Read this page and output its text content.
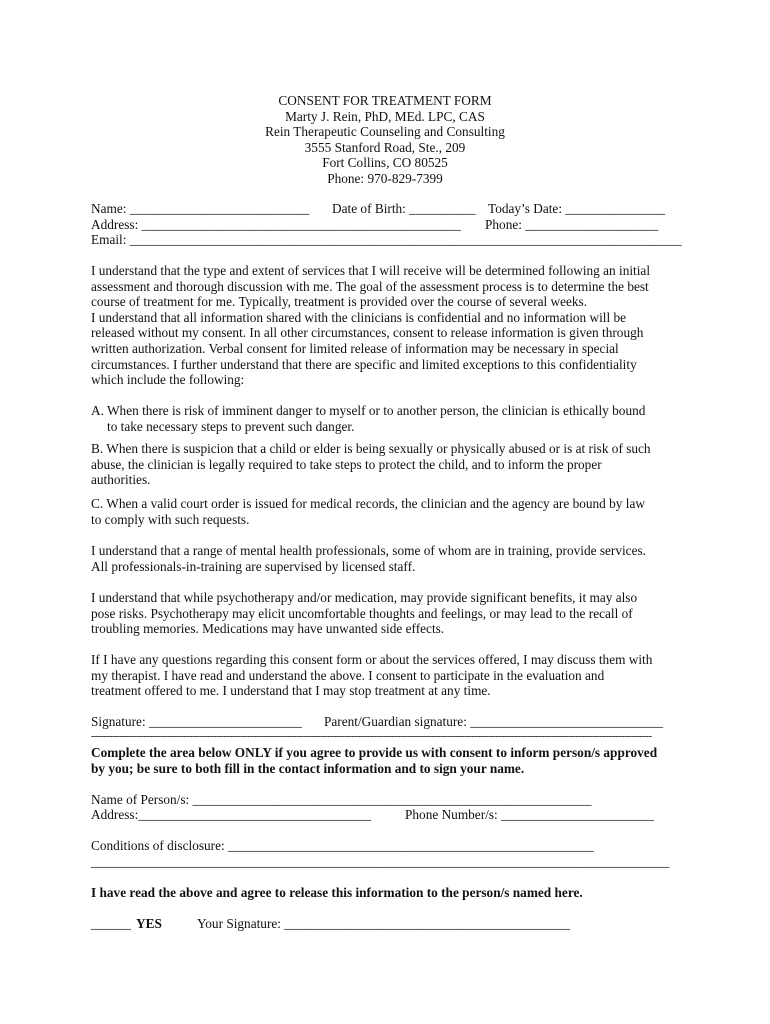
CONSENT FOR TREATMENT FORM
Marty J. Rein, PhD, MEd. LPC, CAS
Rein Therapeutic Counseling and Consulting
3555 Stanford Road, Ste., 209
Fort Collins, CO 80525
Phone: 970-829-7399
Name: ___________________________ Date of Birth: __________ Today’s Date: _______________
Address: ________________________________________________ Phone: ____________________
Email: ___________________________________________________________________________________
I understand that the type and extent of services that I will receive will be determined following an initial
assessment and thorough discussion with me. The goal of the assessment process is to determine the best
course of treatment for me. Typically, treatment is provided over the course of several weeks.
I understand that all information shared with the clinicians is confidential and no information will be
released without my consent. In all other circumstances, consent to release information is given through
written authorization. Verbal consent for limited release of information may be necessary in special
circumstances. I further understand that there are specific and limited exceptions to this confidentiality
which include the following:
A. When there is risk of imminent danger to myself or to another person, the clinician is ethically bound
to take necessary steps to prevent such danger.
B. When there is suspicion that a child or elder is being sexually or physically abused or is at risk of such
abuse, the clinician is legally required to take steps to protect the child, and to inform the proper
authorities.
C. When a valid court order is issued for medical records, the clinician and the agency are bound by law
to comply with such requests.
I understand that a range of mental health professionals, some of whom are in training, provide services.
All professionals-in-training are supervised by licensed staff.
I understand that while psychotherapy and/or medication, may provide significant benefits, it may also
pose risks. Psychotherapy may elicit uncomfortable thoughts and feelings, or may lead to the recall of
troubling memories. Medications may have unwanted side effects.
If I have any questions regarding this consent form or about the services offered, I may discuss them with
my therapist. I have read and understand the above. I consent to participate in the evaluation and
treatment offered to me. I understand that I may stop treatment at any time.
Signature: _______________________ Parent/Guardian signature: _____________________________
---------------------------------------------------------------------------------------------------------------------------------------------------------------------------------------
Complete the area below ONLY if you agree to provide us with consent to inform person/s approved
by you; be sure to both fill in the contact information and to sign your name.
Name of Person/s: ____________________________________________________________
Address:___________________________________	Phone Number/s: _______________________
Conditions of disclosure: _______________________________________________________
_______________________________________________________________________________________
I have read the above and agree to release this information to the person/s named here.
______ YES	Your Signature: ___________________________________________
